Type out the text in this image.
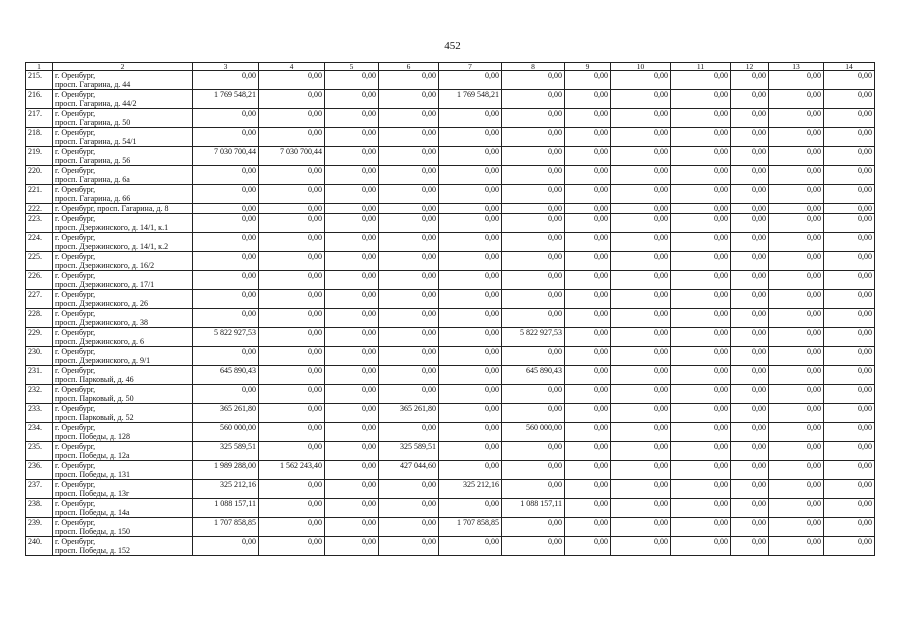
452
1	2	3	4	5	6	7	8	9	10	11	12	13	14
215.	г. Оренбург,
просп. Гагарина, д. 44	0,00	0,00	0,00	0,00	0,00	0,00	0,00	0,00	0,00	0,00	0,00	0,00
216.	г. Оренбург,
просп. Гагарина, д. 44/2	1 769 548,21	0,00	0,00	0,00	1 769 548,21	0,00	0,00	0,00	0,00	0,00	0,00	0,00
217.	г. Оренбург,
просп. Гагарина, д. 50	0,00	0,00	0,00	0,00	0,00	0,00	0,00	0,00	0,00	0,00	0,00	0,00
218.	г. Оренбург,
просп. Гагарина, д. 54/1	0,00	0,00	0,00	0,00	0,00	0,00	0,00	0,00	0,00	0,00	0,00	0,00
219.	г. Оренбург,
просп. Гагарина, д. 56	7 030 700,44	7 030 700,44	0,00	0,00	0,00	0,00	0,00	0,00	0,00	0,00	0,00	0,00
220.	г. Оренбург,
просп. Гагарина, д. 6а	0,00	0,00	0,00	0,00	0,00	0,00	0,00	0,00	0,00	0,00	0,00	0,00
221.	г. Оренбург,
просп. Гагарина, д. 66	0,00	0,00	0,00	0,00	0,00	0,00	0,00	0,00	0,00	0,00	0,00	0,00
222.	г. Оренбург, просп. Гагарина, д. 8	0,00	0,00	0,00	0,00	0,00	0,00	0,00	0,00	0,00	0,00	0,00	0,00
223.	г. Оренбург,
просп. Дзержинского, д. 14/1, к.1	0,00	0,00	0,00	0,00	0,00	0,00	0,00	0,00	0,00	0,00	0,00	0,00
224.	г. Оренбург,
просп. Дзержинского, д. 14/1, к.2	0,00	0,00	0,00	0,00	0,00	0,00	0,00	0,00	0,00	0,00	0,00	0,00
225.	г. Оренбург,
просп. Дзержинского, д. 16/2	0,00	0,00	0,00	0,00	0,00	0,00	0,00	0,00	0,00	0,00	0,00	0,00
226.	г. Оренбург,
просп. Дзержинского, д. 17/1	0,00	0,00	0,00	0,00	0,00	0,00	0,00	0,00	0,00	0,00	0,00	0,00
227.	г. Оренбург,
просп. Дзержинского, д. 26	0,00	0,00	0,00	0,00	0,00	0,00	0,00	0,00	0,00	0,00	0,00	0,00
228.	г. Оренбург,
просп. Дзержинского, д. 38	0,00	0,00	0,00	0,00	0,00	0,00	0,00	0,00	0,00	0,00	0,00	0,00
229.	г. Оренбург,
просп. Дзержинского, д. 6	5 822 927,53	0,00	0,00	0,00	0,00	5 822 927,53	0,00	0,00	0,00	0,00	0,00	0,00
230.	г. Оренбург,
просп. Дзержинского, д. 9/1	0,00	0,00	0,00	0,00	0,00	0,00	0,00	0,00	0,00	0,00	0,00	0,00
231.	г. Оренбург,
просп. Парковый, д. 46	645 890,43	0,00	0,00	0,00	0,00	645 890,43	0,00	0,00	0,00	0,00	0,00	0,00
232.	г. Оренбург,
просп. Парковый, д. 50	0,00	0,00	0,00	0,00	0,00	0,00	0,00	0,00	0,00	0,00	0,00	0,00
233.	г. Оренбург,
просп. Парковый, д. 52	365 261,80	0,00	0,00	365 261,80	0,00	0,00	0,00	0,00	0,00	0,00	0,00	0,00
234.	г. Оренбург,
просп. Победы, д. 128	560 000,00	0,00	0,00	0,00	0,00	560 000,00	0,00	0,00	0,00	0,00	0,00	0,00
235.	г. Оренбург,
просп. Победы, д. 12а	325 589,51	0,00	0,00	325 589,51	0,00	0,00	0,00	0,00	0,00	0,00	0,00	0,00
236.	г. Оренбург,
просп. Победы, д. 131	1 989 288,00	1 562 243,40	0,00	427 044,60	0,00	0,00	0,00	0,00	0,00	0,00	0,00	0,00
237.	г. Оренбург,
просп. Победы, д. 13г	325 212,16	0,00	0,00	0,00	325 212,16	0,00	0,00	0,00	0,00	0,00	0,00	0,00
238.	г. Оренбург,
просп. Победы, д. 14а	1 088 157,11	0,00	0,00	0,00	0,00	1 088 157,11	0,00	0,00	0,00	0,00	0,00	0,00
239.	г. Оренбург,
просп. Победы, д. 150	1 707 858,85	0,00	0,00	0,00	1 707 858,85	0,00	0,00	0,00	0,00	0,00	0,00	0,00
240.	г. Оренбург,
просп. Победы, д. 152	0,00	0,00	0,00	0,00	0,00	0,00	0,00	0,00	0,00	0,00	0,00	0,00
